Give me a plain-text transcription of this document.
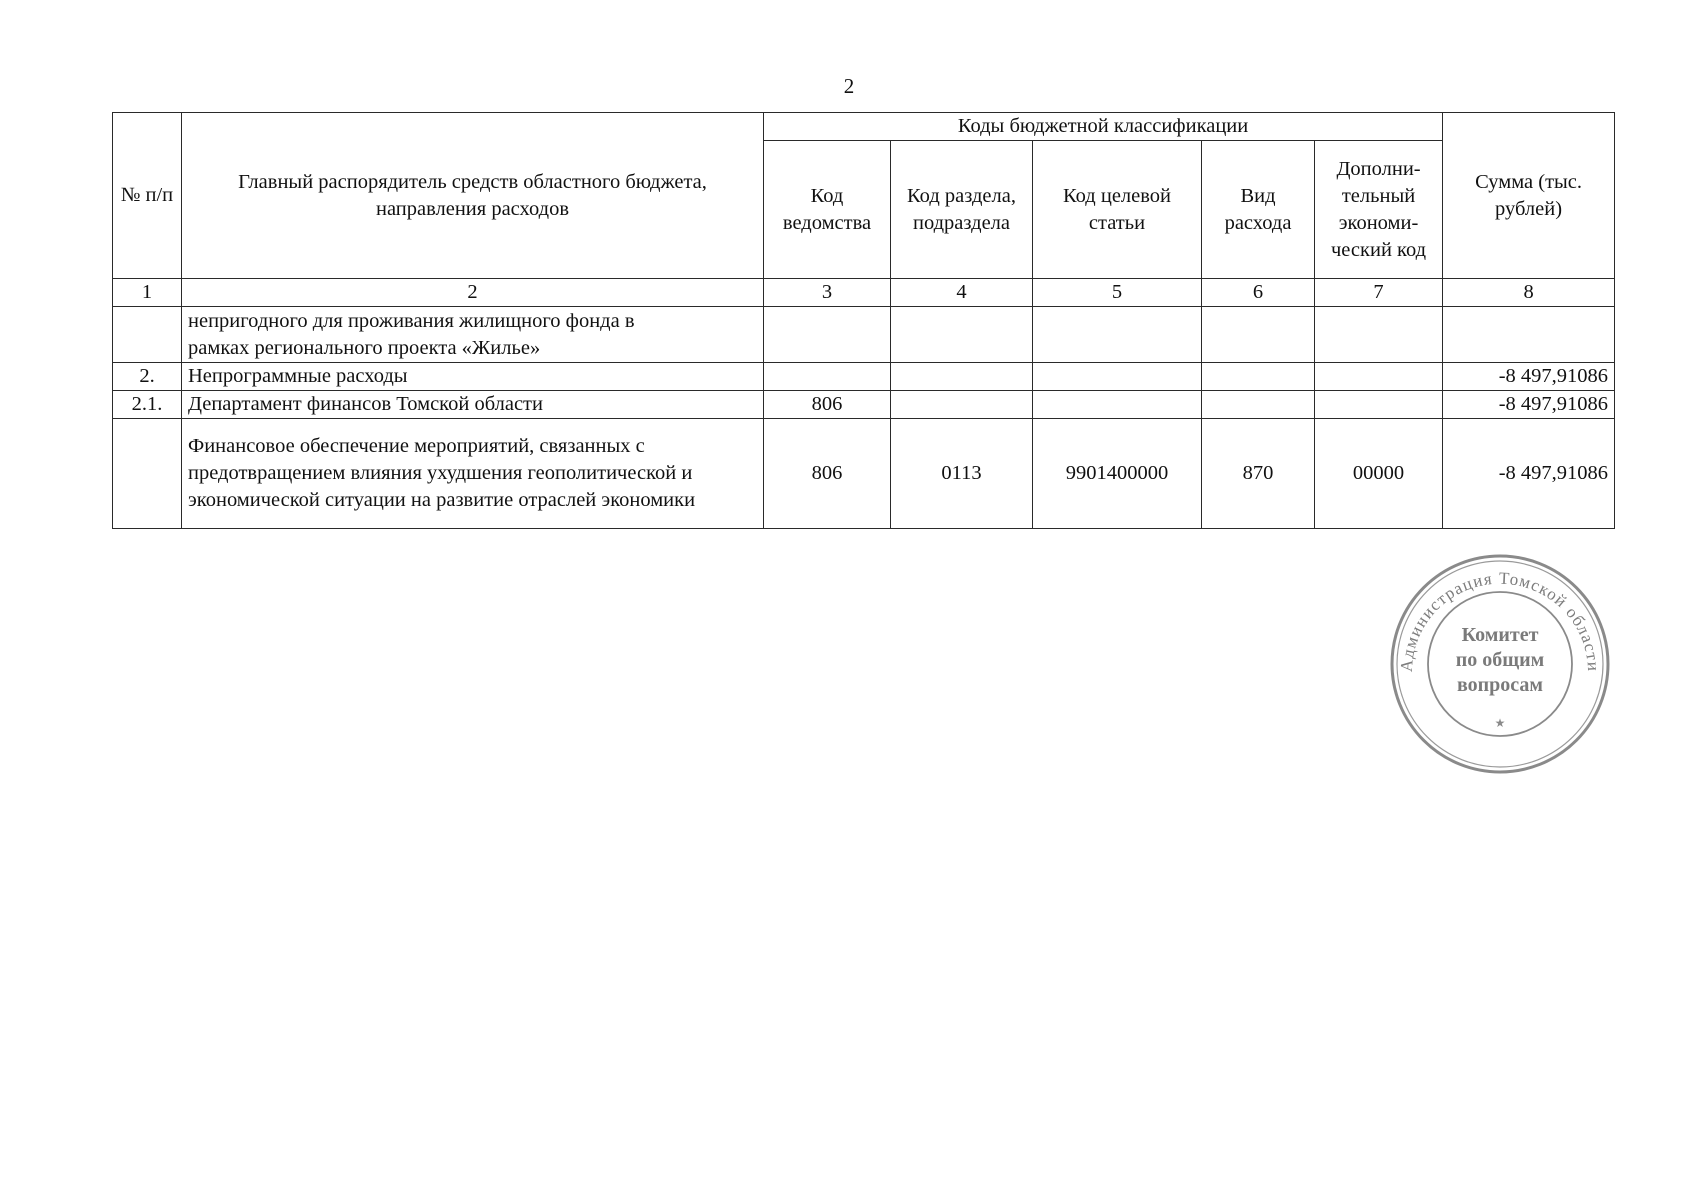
2
№ п/п	Главный распорядитель средств областного бюджета, направления расходов	Коды бюджетной классификации					Сумма (тыс. рублей)
		Код ведомства	Код раздела, подраздела	Код целевой статьи	Вид расхода	Дополни-тельный экономи-ческий код	
1	2	3	4	5	6	7	8
	непригодного для проживания жилищного фонда в рамках регионального проекта «Жилье»						
2.	Непрограммные расходы						-8 497,91086
2.1.	Департамент финансов Томской области	806					-8 497,91086
	Финансовое обеспечение мероприятий, связанных с предотвращением влияния ухудшения геополитической и экономической ситуации на развитие отраслей экономики	806	0113	9901400000	870	00000	-8 497,91086
Администрация Томской области
★
Комитет
по общим
вопросам
